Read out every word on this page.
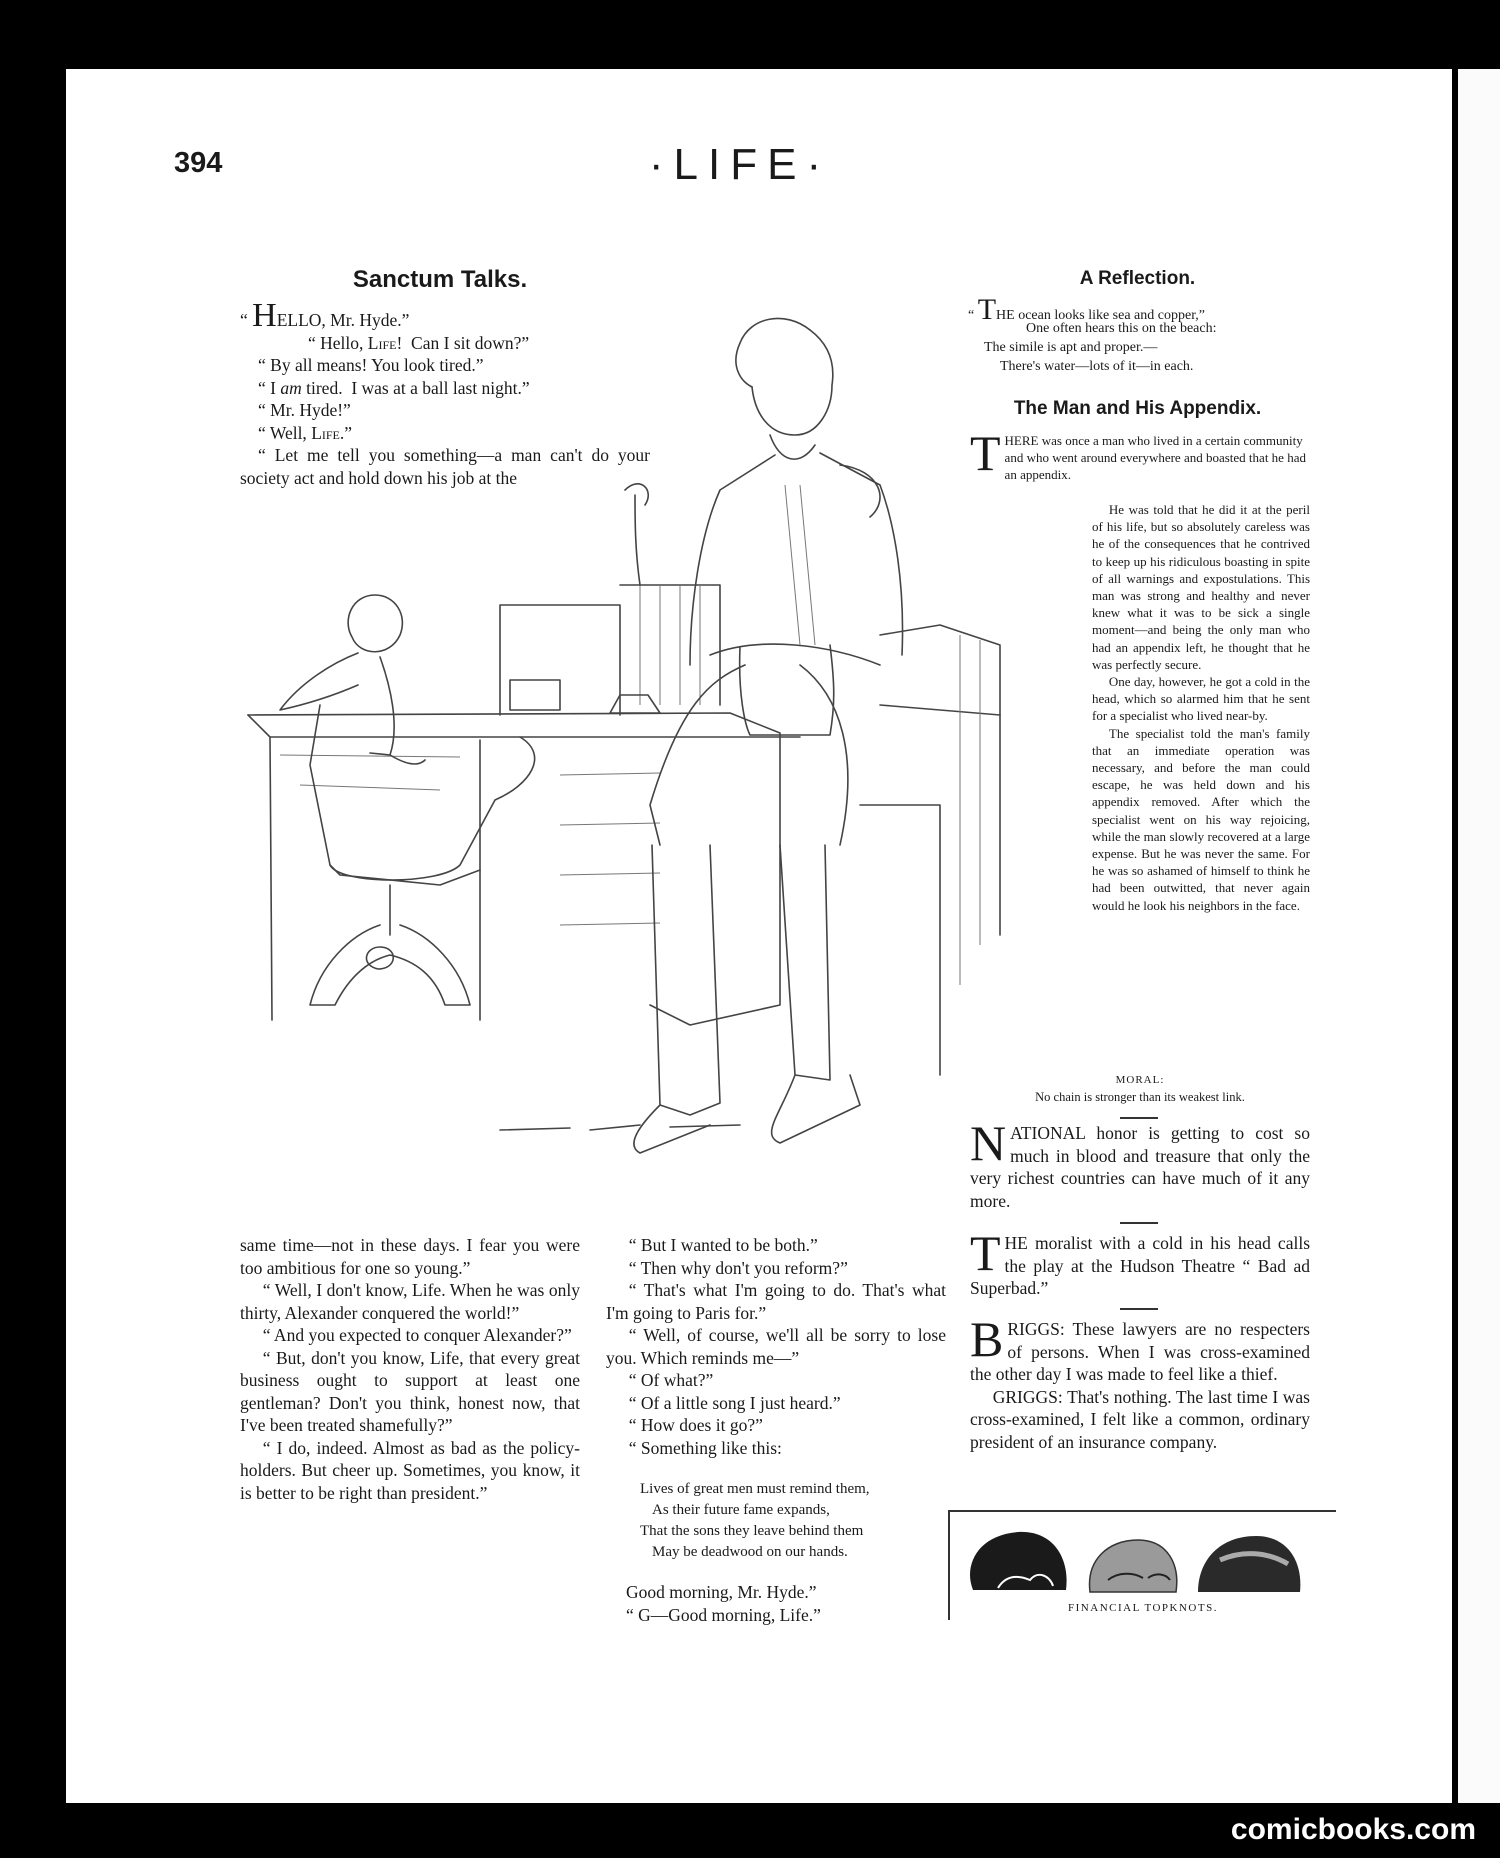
394	·LIFE·
Sanctum Talks.
“ HELLO, Mr. Hyde.”
“ Hello, Life!  Can I sit down?”
“ By all means! You look tired.”
“ I am tired.  I was at a ball last night.”
“ Mr. Hyde!”
“ Well, Life.”

“ Let me tell you something—a man can't do your society act and hold down his job at the

same time—not in these days. I fear you were too ambitious for one so young.”

“ Well, I don't know, Life. When he was only thirty, Alexander conquered the world!”

“ And you expected to conquer Alexander?”

“ But, don't you know, Life, that every great business ought to support at least one gentleman? Don't you think, honest now, that I've been treated shamefully?”

“ I do, indeed. Almost as bad as the policy-holders. But cheer up. Sometimes, you know, it is better to be right than president.”

“ But I wanted to be both.”

“ Then why don't you reform?”

“ That's what I'm going to do. That's what I'm going to Paris for.”

“ Well, of course, we'll all be sorry to lose you. Which reminds me—”

“ Of what?”

“ Of a little song I just heard.”

“ How does it go?”

“ Something like this:

Lives of great men must remind them,
As their future fame expands,
That the sons they leave behind them
May be deadwood on our hands.

Good morning, Mr. Hyde.”

“ G—Good morning, Life.”

A Reflection.
“ THE ocean looks like sea and copper,”
One often hears this on the beach:
The simile is apt and proper.—
There's water—lots of it—in each.
The Man and His Appendix.
T HERE was once a man who lived in a certain community and who went around everywhere and boasted that he had an appendix.

He was told that he did it at the peril of his life, but so absolutely careless was he of the consequences that he contrived to keep up his ridiculous boasting in spite of all warnings and expostulations. This man was strong and healthy and never knew what it was to be sick a single moment—and being the only man who had an appendix left, he thought that he was perfectly secure.

One day, however, he got a cold in the head, which so alarmed him that he sent for a specialist who lived near-by.

The specialist told the man's family that an immediate operation was necessary, and before the man could escape, he was held down and his appendix removed. After which the specialist went on his way rejoicing, while the man slowly recovered at a large expense. But he was never the same. For he was so ashamed of himself to think he had been outwitted, that never again would he look his neighbors in the face.

MORAL:
No chain is stronger than its weakest link.

NATIONAL honor is getting to cost so much in blood and treasure that only the very richest countries can have much of it any more.

THE moralist with a cold in his head calls the play at the Hudson Theatre “ Bad ad Superbad.”

BRIGGS: These lawyers are no respecters of persons. When I was cross-examined the other day I was made to feel like a thief.

GRIGGS: That's nothing. The last time I was cross-examined, I felt like a common, ordinary president of an insurance company.

FINANCIAL TOPKNOTS.
comicbooks.com
